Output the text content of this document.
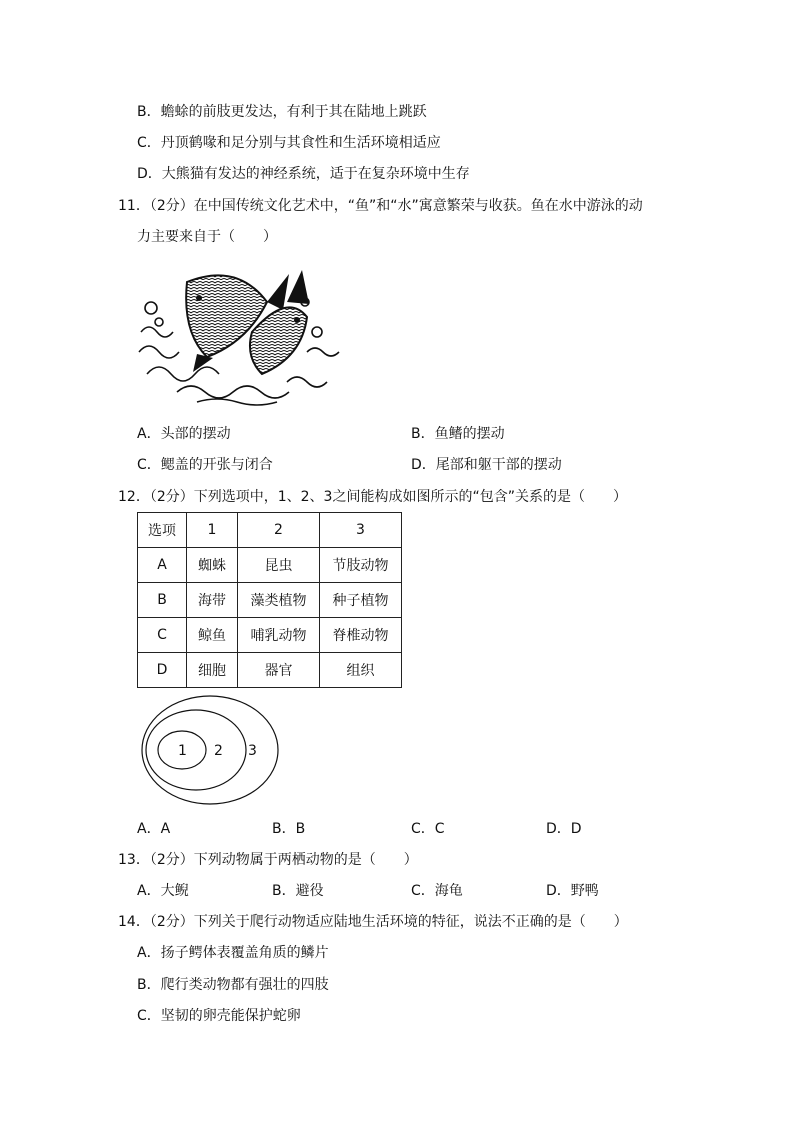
B．蟾蜍的前肢更发达，有利于其在陆地上跳跃
C．丹顶鹤喙和足分别与其食性和生活环境相适应
D．大熊猫有发达的神经系统，适于在复杂环境中生存
11．（2分）在中国传统文化艺术中，“鱼”和“水”寓意繁荣与收获。鱼在水中游泳的动
力主要来自于（　　）
A．头部的摆动	B．鱼鳍的摆动
C．鳃盖的开张与闭合	D．尾部和躯干部的摆动
12．（2分）下列选项中，1、2、3之间能构成如图所示的“包含”关系的是（　　）
选项	1	2	3
A	蜘蛛	昆虫	节肢动物
B	海带	藻类植物	种子植物
C	鲸鱼	哺乳动物	脊椎动物
D	细胞	器官	组织
1 2 3
A．A	B．B	C．C	D．D
13．（2分）下列动物属于两栖动物的是（　　）
A．大鲵	B．避役	C．海龟	D．野鸭
14．（2分）下列关于爬行动物适应陆地生活环境的特征，说法不正确的是（　　）
A．扬子鳄体表覆盖角质的鳞片
B．爬行类动物都有强壮的四肢
C．坚韧的卵壳能保护蛇卵
